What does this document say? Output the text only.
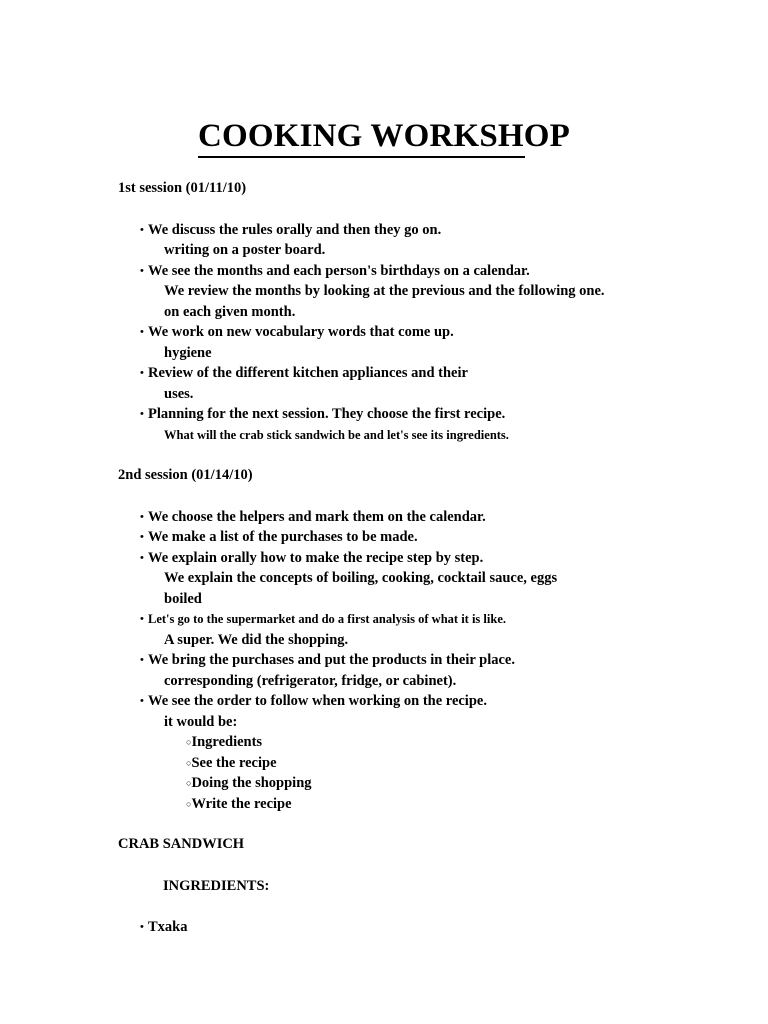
COOKING WORKSHOP
1st session (01/11/10)
• We discuss the rules orally and then they go on.
writing on a poster board.
• We see the months and each person's birthdays on a calendar.
We review the months by looking at the previous and the following one.
on each given month.
• We work on new vocabulary words that come up.
hygiene
• Review of the different kitchen appliances and their
uses.
• Planning for the next session. They choose the first recipe.
What will the crab stick sandwich be and let's see its ingredients.
2nd session (01/14/10)
• We choose the helpers and mark them on the calendar.
• We make a list of the purchases to be made.
• We explain orally how to make the recipe step by step.
We explain the concepts of boiling, cooking, cocktail sauce, eggs
boiled
• Let's go to the supermarket and do a first analysis of what it is like.
A super. We did the shopping.
• We bring the purchases and put the products in their place.
corresponding (refrigerator, fridge, or cabinet).
• We see the order to follow when working on the recipe.
it would be:
○Ingredients
○See the recipe
○Doing the shopping
○Write the recipe
CRAB SANDWICH
INGREDIENTS:
• Txaka
